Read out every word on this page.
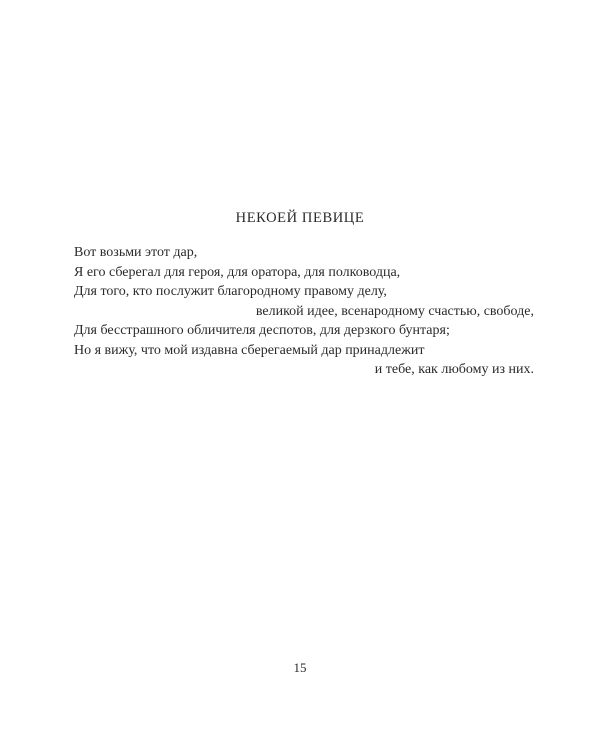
НЕКОЕЙ ПЕВИЦЕ
Вот возьми этот дар,
Я его сберегал для героя, для оратора, для полководца,
Для того, кто послужит благородному правому делу,
великой идее, всенародному счастью, свободе,
Для бесстрашного обличителя деспотов, для дерзкого бунтаря;
Но я вижу, что мой издавна сберегаемый дар принадлежит
и тебе, как любому из них.
15
